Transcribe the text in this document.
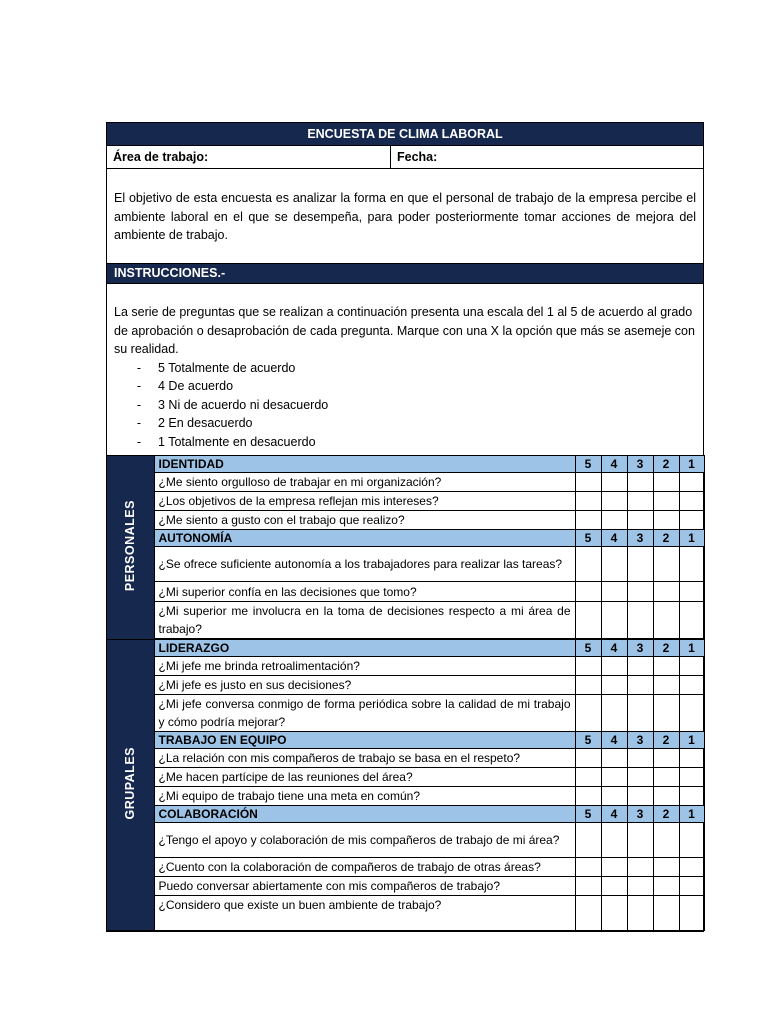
ENCUESTA DE CLIMA LABORAL
Área de trabajo:	Fecha:
El objetivo de esta encuesta es analizar la forma en que el personal de trabajo de la empresa percibe el ambiente laboral en el que se desempeña, para poder posteriormente tomar acciones de mejora del ambiente de trabajo.
INSTRUCCIONES.-
La serie de preguntas que se realizan a continuación presenta una escala del 1 al 5 de acuerdo al grado de aprobación o desaprobación de cada pregunta. Marque con una X la opción que más se asemeje con su realidad.
-	5 Totalmente de acuerdo
-	4 De acuerdo
-	3 Ni de acuerdo ni desacuerdo
-	2 En desacuerdo
-	1 Totalmente en desacuerdo
PERSONALES	IDENTIDAD	5	4	3	2	1
	¿Me siento orgulloso de trabajar en mi organización?					
	¿Los objetivos de la empresa reflejan mis intereses?					
	¿Me siento a gusto con el trabajo que realizo?					
	AUTONOMÍA	5	4	3	2	1
	¿Se ofrece suficiente autonomía a los trabajadores para realizar las tareas?					
	¿Mi superior confía en las decisiones que tomo?					
	¿Mi superior me involucra en la toma de decisiones respecto a mi área de trabajo?					

GRUPALES	LIDERAZGO	5	4	3	2	1
	¿Mi jefe me brinda retroalimentación?					
	¿Mi jefe es justo en sus decisiones?					
	¿Mi jefe conversa conmigo de forma periódica sobre la calidad de mi trabajo y cómo podría mejorar?					
	TRABAJO EN EQUIPO	5	4	3	2	1
	¿La relación con mis compañeros de trabajo se basa en el respeto?					
	¿Me hacen partícipe de las reuniones del área?					
	¿Mi equipo de trabajo tiene una meta en común?					
	COLABORACIÓN	5	4	3	2	1
	¿Tengo el apoyo y colaboración de mis compañeros de trabajo de mi área?					
	¿Cuento con la colaboración de compañeros de trabajo de otras áreas?					
	Puedo conversar abiertamente con mis compañeros de trabajo?					
	¿Considero que existe un buen ambiente de trabajo?					
